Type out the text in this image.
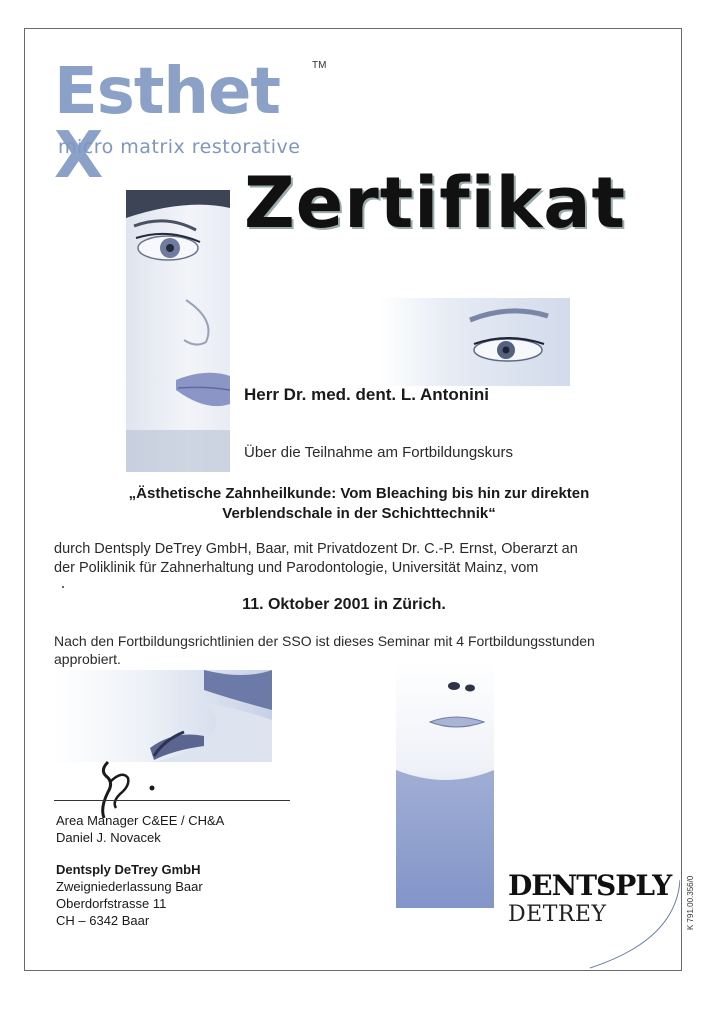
Esthet X
TM
micro matrix restorative
Zertifikat
Herr Dr. med. dent. L. Antonini
Über die Teilnahme am Fortbildungskurs
„Ästhetische Zahnheilkunde: Vom Bleaching bis hin zur direkten
Verblendschale in der Schichttechnik“
durch Dentsply DeTrey GmbH, Baar, mit Privatdozent Dr. C.-P. Ernst, Oberarzt an
der Poliklinik für Zahnerhaltung und Parodontologie, Universität Mainz, vom
11. Oktober 2001 in Zürich.
Nach den Fortbildungsrichtlinien der SSO ist dieses Seminar mit 4 Fortbildungsstunden
approbiert.
Area Manager C&EE / CH&A
Daniel J. Novacek
Dentsply DeTrey GmbH
Zweigniederlassung Baar
Oberdorfstrasse 11
CH – 6342 Baar
DENTSPLY
DETREY	K 791.00.356/0
